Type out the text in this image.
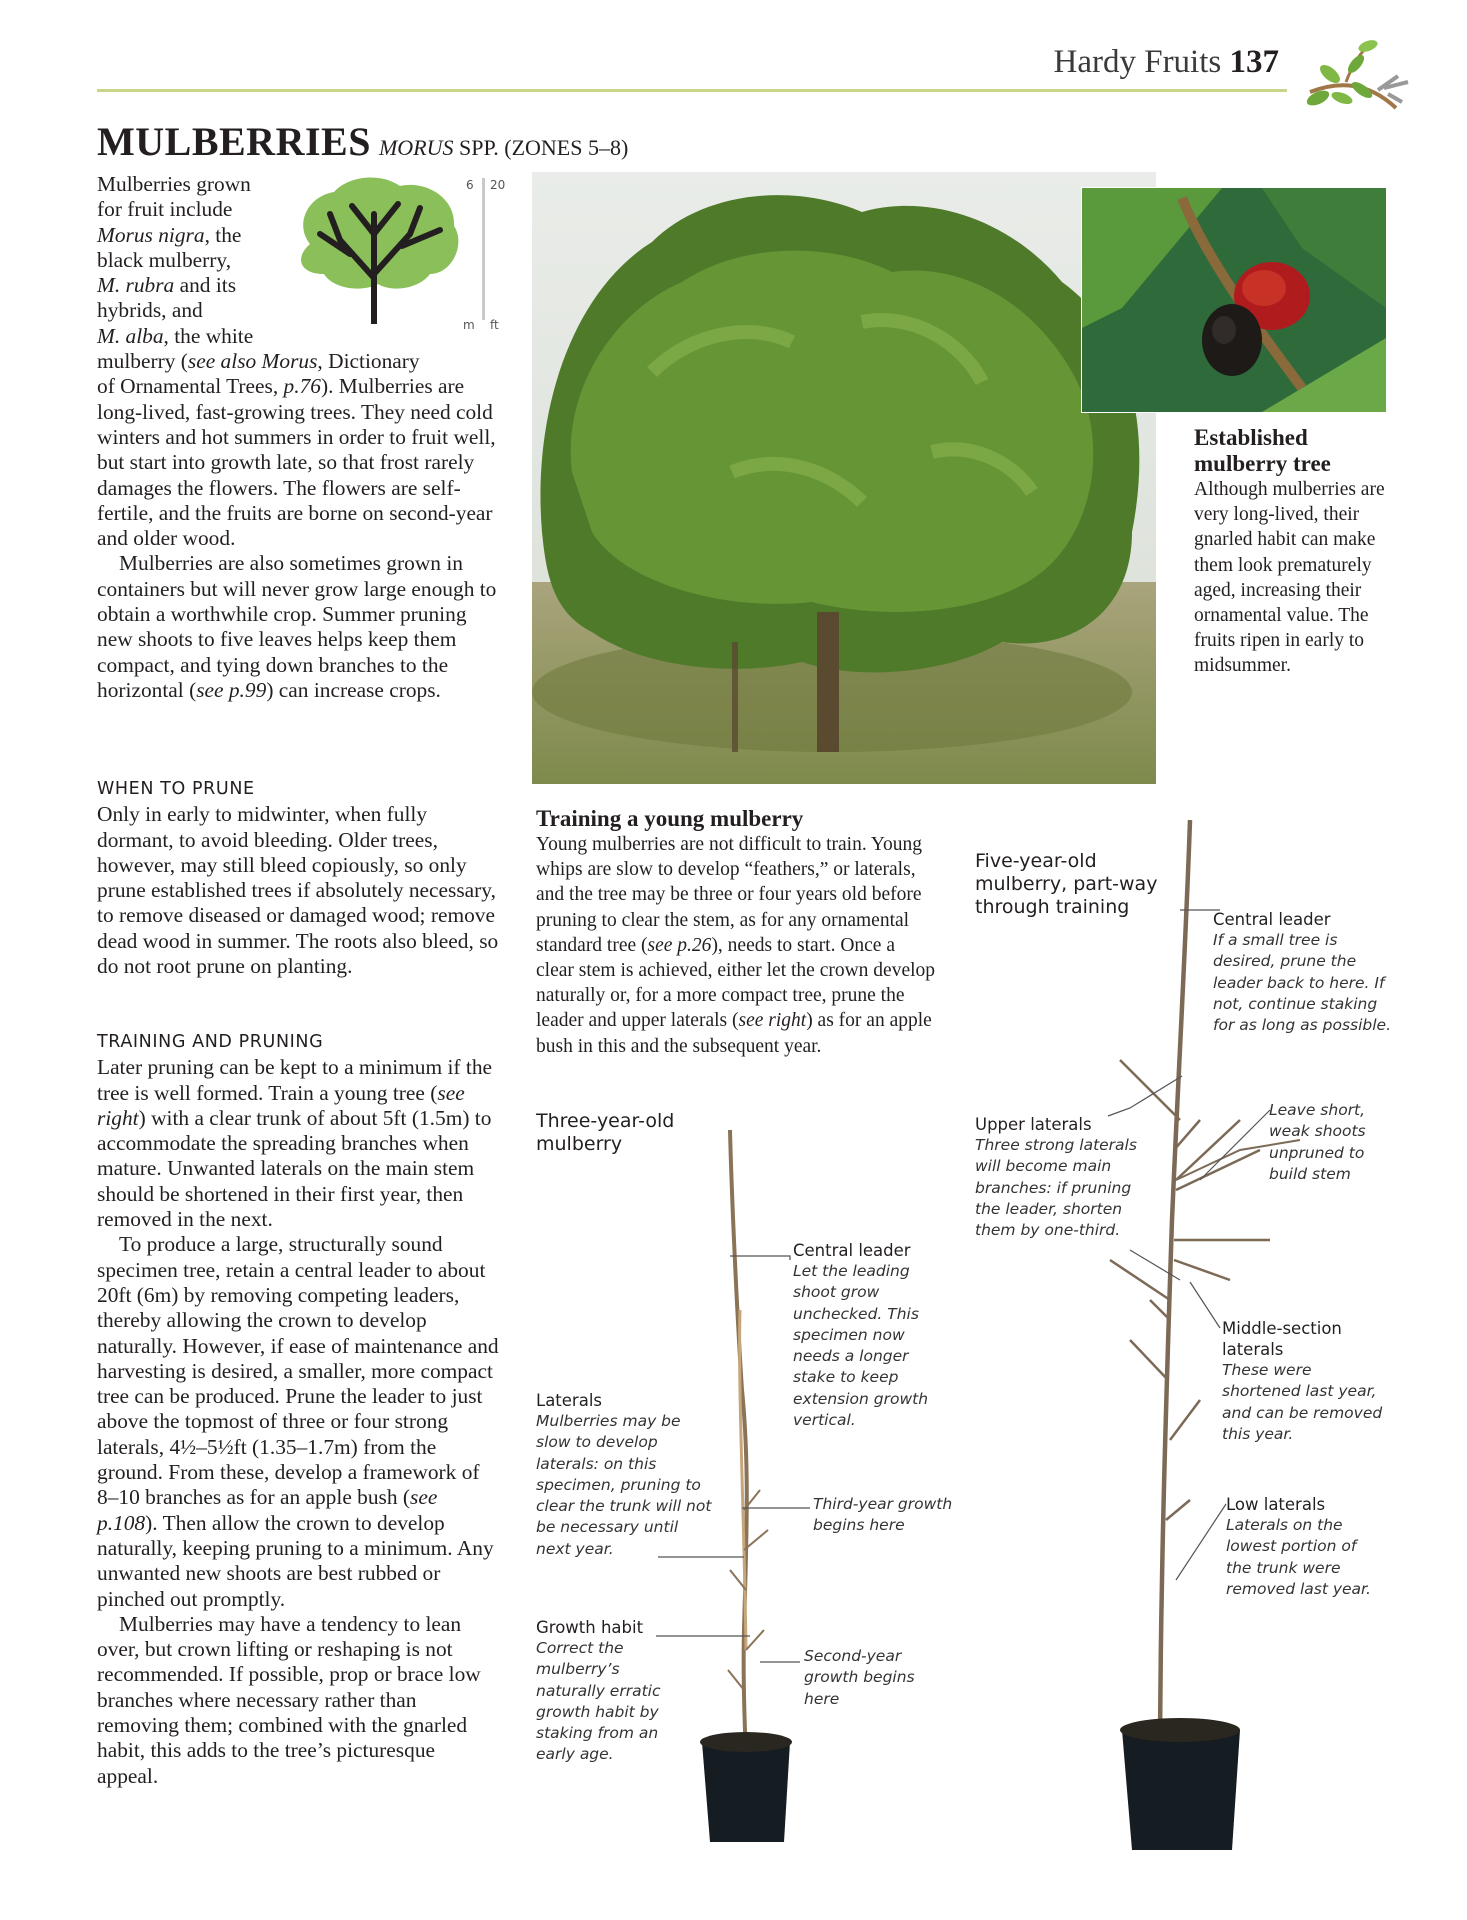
Hardy Fruits 137
MULBERRIES MORUS SPP. (ZONES 5–8)
6 20
m ft

Mulberries grown
for fruit include
Morus nigra, the
black mulberry,
M. rubra and its
hybrids, and
M. alba, the white

mulberry (see also Morus, Dictionary
of Ornamental Trees, p.76). Mulberries are long-lived, fast-growing trees. They need cold winters and hot summers in order to fruit well, but start into growth late, so that frost rarely damages the flowers. The flowers are self-fertile, and the fruits are borne on second-year and older wood.

Mulberries are also sometimes grown in containers but will never grow large enough to obtain a worthwhile crop. Summer pruning new shoots to five leaves helps keep them compact, and tying down branches to the horizontal (see p.99) can increase crops.

WHEN TO PRUNE

Only in early to midwinter, when fully dormant, to avoid bleeding. Older trees, however, may still bleed copiously, so only prune established trees if absolutely necessary, to remove diseased or damaged wood; remove dead wood in summer. The roots also bleed, so do not root prune on planting.

TRAINING AND PRUNING

Later pruning can be kept to a minimum if the tree is well formed. Train a young tree (see right) with a clear trunk of about 5ft (1.5m) to accommodate the spreading branches when mature. Unwanted laterals on the main stem should be shortened in their first year, then removed in the next.

To produce a large, structurally sound specimen tree, retain a central leader to about 20ft (6m) by removing competing leaders, thereby allowing the crown to develop naturally. However, if ease of maintenance and harvesting is desired, a smaller, more compact tree can be produced. Prune the leader to just above the topmost of three or four strong laterals, 4½–5½ft (1.35–1.7m) from the ground. From these, develop a framework of 8–10 branches as for an apple bush (see p.108). Then allow the crown to develop naturally, keeping pruning to a minimum. Any unwanted new shoots are best rubbed or pinched out promptly.

Mulberries may have a tendency to lean over, but crown lifting or reshaping is not recommended. If possible, prop or brace low branches where necessary rather than removing them; combined with the gnarled habit, this adds to the tree’s picturesque appeal.

Established mulberry tree
Although mulberries are very long-lived, their gnarled habit can make them look prematurely aged, increasing their ornamental value. The fruits ripen in early to midsummer.
Training a young mulberry
Young mulberries are not difficult to train. Young whips are slow to develop “feathers,” or laterals, and the tree may be three or four years old before pruning to clear the stem, as for any ornamental standard tree (see p.26), needs to start. Once a clear stem is achieved, either let the crown develop naturally or, for a more compact tree, prune the leader and upper laterals (see right) as for an apple bush in this and the subsequent year.
Three-year-old mulberry
Central leader
Let the leading shoot grow unchecked. This specimen now needs a longer stake to keep extension growth vertical.
Laterals
Mulberries may be slow to develop laterals: on this specimen, pruning to clear the trunk will not be necessary until next year.
Third-year growth begins here
Growth habit
Correct the mulberry’s naturally erratic growth habit by staking from an early age.
Second-year growth begins here
Five-year-old mulberry, part-way through training
Central leader
If a small tree is desired, prune the leader back to here. If not, continue staking for as long as possible.
Upper laterals
Three strong laterals will become main branches: if pruning the leader, shorten them by one-third.
Leave short, weak shoots unpruned to build stem
Middle-section laterals
These were shortened last year, and can be removed this year.
Low laterals
Laterals on the lowest portion of the trunk were removed last year.
